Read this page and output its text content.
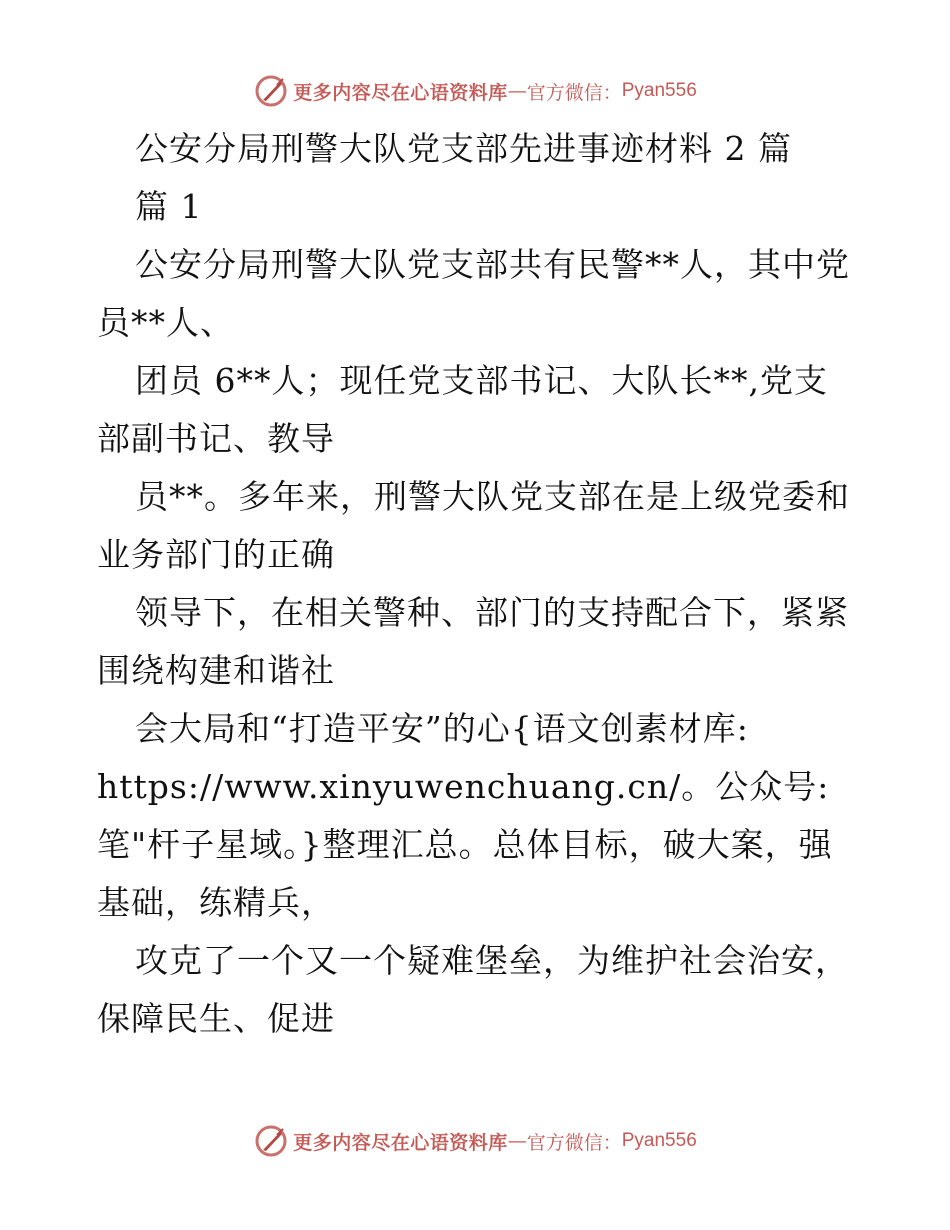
更多内容尽在心语资料库 — 官方微信： Pyan556
公安分局刑警大队党支部先进事迹材料 2 篇
篇 1
公安分局刑警大队党支部共有民警**人，其中党
员**人、
团员 6**人；现任党支部书记、大队长**,党支
部副书记、教导
员**。多年来，刑警大队党支部在是上级党委和
业务部门的正确
领导下，在相关警种、部门的支持配合下，紧紧
围绕构建和谐社
会大局和“打造平安”的心{语文创素材库:
https://www.xinyuwenchuang.cn/。公众号:
笔"杆子星域。}整理汇总。总体目标，破大案，强
基础，练精兵，
攻克了一个又一个疑难堡垒，为维护社会治安，
保障民生、促进
更多内容尽在心语资料库 — 官方微信： Pyan556
